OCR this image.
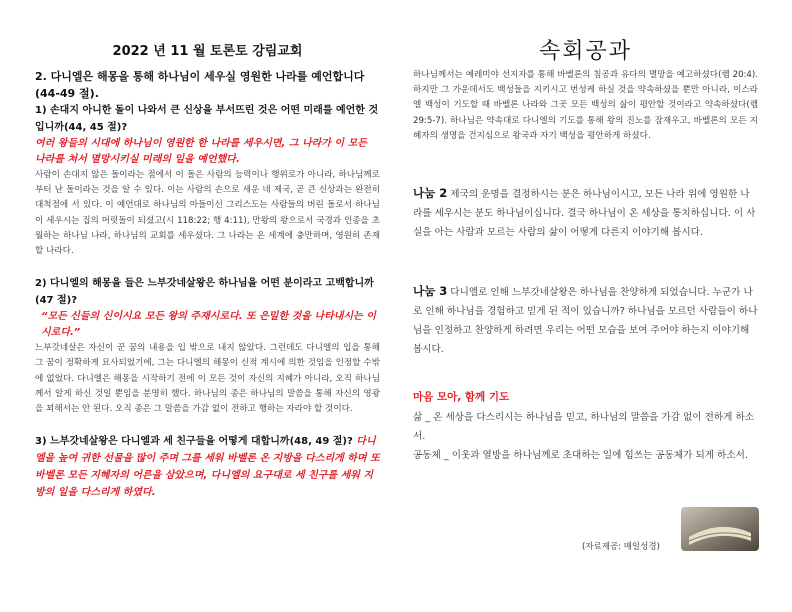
2022 년 11 월 토론토 강림교회	속회공과
2. 다니엘은 해몽을 통해 하나님이 세우실 영원한 나라를 예언합니다(44-49 절).
1) 손대지 아니한 돌이 나와서 큰 신상을 부서뜨린 것은 어떤 미래를 예언한 것입니까(44, 45 절)?
여러 왕들의 시대에 하나님이 영원한 한 나라를 세우시면, 그 나라가 이 모든 나라를 쳐서 멸망시키실 미래의 일을 예언했다.
사람이 손대지 않은 돌이라는 점에서 이 돌은 사람의 능력이나 행위로가 아니라, 하나님께로부터 난 돌이라는 것을 알 수 있다. 이는 사람의 손으로 세운 네 제국, 곧 큰 신상과는 완전히 대척점에 서 있다. 이 예언대로 하나님의 아들이신 그리스도는 사람들의 버린 돌로서 하나님이 세우시는 집의 머릿돌이 되셨고(시 118:22; 행 4:11), 만왕의 왕으로서 국경과 인종을 초월하는 하나님 나라, 하나님의 교회를 세우셨다. 그 나라는 온 세계에 충만하며, 영원히 존재할 나라다.
2) 다니엘의 해몽을 들은 느부갓네살왕은 하나님을 어떤 분이라고 고백합니까(47 절)?
“모든 신들의 신이시요 모든 왕의 주재시로다. 또 은밀한 것을 나타내시는 이시로다.”
느부갓네살은 자신이 꾼 꿈의 내용을 입 밖으로 내지 않았다. 그런데도 다니엘의 입을 통해 그 꿈이 정확하게 묘사되었기에, 그는 다니엘의 해몽이 신적 계시에 의한 것임을 인정할 수밖에 없었다. 다니엘은 해몽을 시작하기 전에 이 모든 것이 자신의 지혜가 아니라, 오직 하나님께서 알게 하신 것일 뿐임을 분명히 했다. 하나님의 종은 하나님의 말씀을 통해 자신의 영광을 꾀해서는 안 된다. 오직 종은 그 말씀을 가감 없이 전하고 행하는 자라야 할 것이다.
3) 느부갓네살왕은 다니엘과 세 친구들을 어떻게 대합니까(48, 49 절)? 다니엘을 높여 귀한 선물을 많이 주며 그를 세워 바벨론 온 지방을 다스리게 하며 또 바벨론 모든 지혜자의 어른을 삼았으며, 다니엘의 요구대로 세 친구를 세워 지방의 일을 다스리게 하였다.
하나님께서는 예레미야 선지자를 통해 바벨론의 침공과 유다의 멸망을 예고하셨다(렘 20:4). 하지만 그 가운데서도 백성들을 지키시고 번성케 하실 것을 약속하셨을 뿐만 아니라, 이스라엘 백성이 기도할 때 바벨론 나라와 그곳 모든 백성의 삶이 평안할 것이라고 약속하셨다(렘 29:5-7). 하나님은 약속대로 다니엘의 기도를 통해 왕의 진노를 잠재우고, 바벨론의 모든 지혜자의 생명을 건지심으로 왕국과 자기 백성을 평안하게 하셨다.
나눔 2 제국의 운명을 결정하시는 분은 하나님이시고, 모든 나라 위에 영원한 나라를 세우시는 분도 하나님이십니다. 결국 하나님이 온 세상을 통치하십니다. 이 사실을 아는 사람과 모르는 사람의 삶이 어떻게 다른지 이야기해 봅시다.
나눔 3 다니엘로 인해 느부갓네살왕은 하나님을 찬양하게 되었습니다. 누군가 나로 인해 하나님을 경험하고 믿게 된 적이 있습니까? 하나님을 모르던 사람들이 하나님을 인정하고 찬양하게 하려면 우리는 어떤 모습을 보여 주어야 하는지 이야기해 봅시다.
마음 모아, 함께 기도
삶 _ 온 세상을 다스리시는 하나님을 믿고, 하나님의 말씀을 가감 없이 전하게 하소서.
공동체 _ 이웃과 열방을 하나님께로 초대하는 일에 힘쓰는 공동체가 되게 하소서.
(자료제공: 매일성경)
